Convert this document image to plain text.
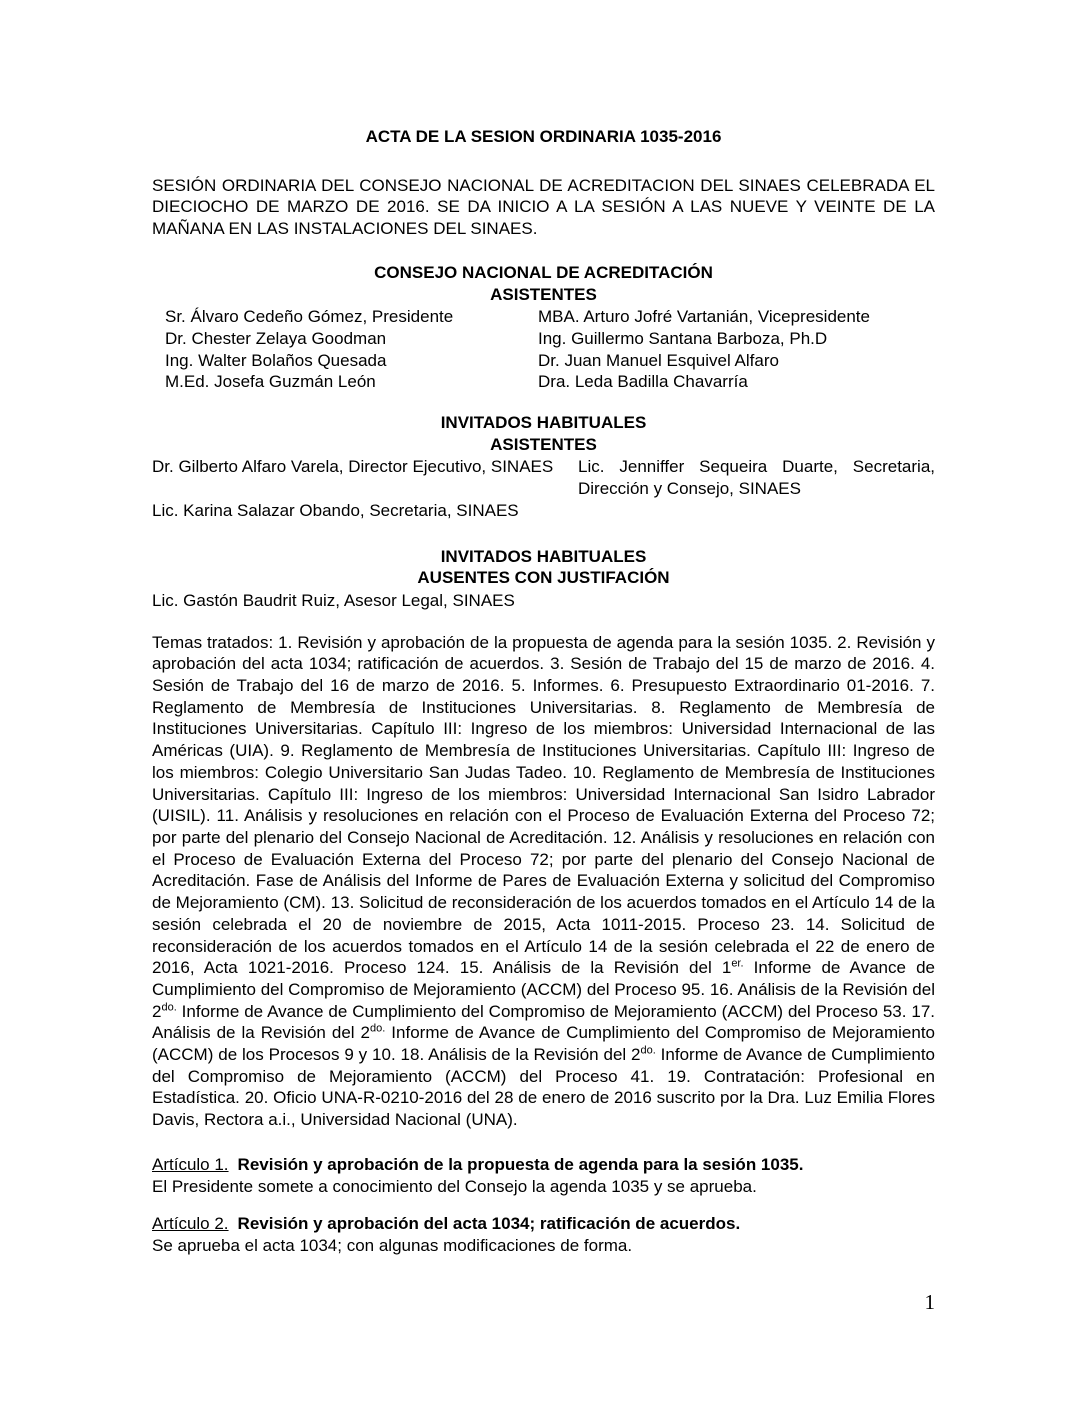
ACTA DE LA SESION ORDINARIA 1035-2016

SESIÓN ORDINARIA DEL CONSEJO NACIONAL DE ACREDITACION DEL SINAES CELEBRADA EL DIECIOCHO DE MARZO DE 2016. SE DA INICIO A LA SESIÓN A LAS NUEVE Y VEINTE DE LA MAÑANA EN LAS INSTALACIONES DEL SINAES.

CONSEJO NACIONAL DE ACREDITACIÓN
ASISTENTES
Sr. Álvaro Cedeño Gómez, Presidente
Dr. Chester Zelaya Goodman
Ing. Walter Bolaños Quesada
M.Ed. Josefa Guzmán León
MBA. Arturo Jofré Vartanián, Vicepresidente
Ing. Guillermo Santana Barboza, Ph.D
Dr. Juan Manuel Esquivel Alfaro
Dra. Leda Badilla Chavarría
INVITADOS HABITUALES
ASISTENTES
Dr. Gilberto Alfaro Varela, Director Ejecutivo, SINAES	Lic. Jenniffer Sequeira Duarte, Secretaria, Dirección y Consejo, SINAES
Lic. Karina Salazar Obando, Secretaria, SINAES
INVITADOS HABITUALES
AUSENTES CON JUSTIFACIÓN
Lic. Gastón Baudrit Ruiz, Asesor Legal, SINAES

Temas tratados: 1. Revisión y aprobación de la propuesta de agenda para la sesión 1035. 2. Revisión y aprobación del acta 1034; ratificación de acuerdos. 3. Sesión de Trabajo del 15 de marzo de 2016. 4. Sesión de Trabajo del 16 de marzo de 2016. 5. Informes. 6. Presupuesto Extraordinario 01-2016. 7. Reglamento de Membresía de Instituciones Universitarias. 8. Reglamento de Membresía de Instituciones Universitarias. Capítulo III: Ingreso de los miembros: Universidad Internacional de las Américas (UIA). 9. Reglamento de Membresía de Instituciones Universitarias. Capítulo III: Ingreso de los miembros: Colegio Universitario San Judas Tadeo. 10. Reglamento de Membresía de Instituciones Universitarias. Capítulo III: Ingreso de los miembros: Universidad Internacional San Isidro Labrador (UISIL). 11. Análisis y resoluciones en relación con el Proceso de Evaluación Externa del Proceso 72; por parte del plenario del Consejo Nacional de Acreditación. 12. Análisis y resoluciones en relación con el Proceso de Evaluación Externa del Proceso 72; por parte del plenario del Consejo Nacional de Acreditación. Fase de Análisis del Informe de Pares de Evaluación Externa y solicitud del Compromiso de Mejoramiento (CM). 13. Solicitud de reconsideración de los acuerdos tomados en el Artículo 14 de la sesión celebrada el 20 de noviembre de 2015, Acta 1011-2015. Proceso 23. 14. Solicitud de reconsideración de los acuerdos tomados en el Artículo 14 de la sesión celebrada el 22 de enero de 2016, Acta 1021-2016. Proceso 124. 15. Análisis de la Revisión del $1^{er.}$ Informe de Avance de Cumplimiento del Compromiso de Mejoramiento (ACCM) del Proceso 95. 16. Análisis de la Revisión del $2^{do.}$ Informe de Avance de Cumplimiento del Compromiso de Mejoramiento (ACCM) del Proceso 53. 17. Análisis de la Revisión del $2^{do.}$ Informe de Avance de Cumplimiento del Compromiso de Mejoramiento (ACCM) de los Procesos 9 y 10. 18. Análisis de la Revisión del $2^{do.}$ Informe de Avance de Cumplimiento del Compromiso de Mejoramiento (ACCM) del Proceso 41. 19. Contratación: Profesional en Estadística. 20. Oficio UNA-R-0210-2016 del 28 de enero de 2016 suscrito por la Dra. Luz Emilia Flores Davis, Rectora a.i., Universidad Nacional (UNA).

Artículo 1. Revisión y aprobación de la propuesta de agenda para la sesión 1035.
El Presidente somete a conocimiento del Consejo la agenda 1035 y se aprueba.
Artículo 2. Revisión y aprobación del acta 1034; ratificación de acuerdos.
Se aprueba el acta 1034; con algunas modificaciones de forma.
1
